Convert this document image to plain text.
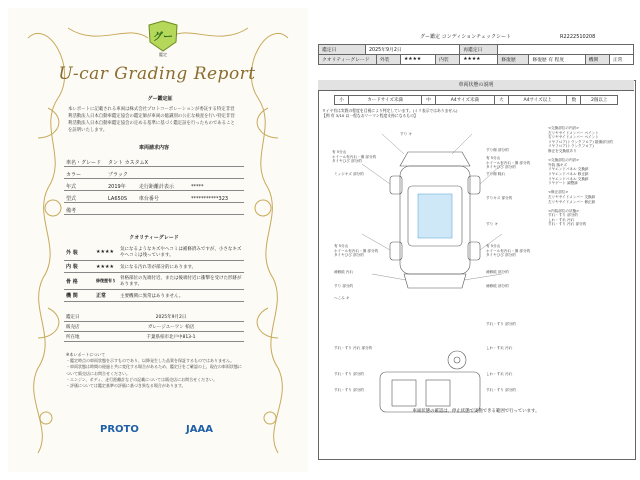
グー
鑑定
U-car Grading Report
グー鑑定証
本レポートに記載される車両は株式会社プロトコーポレーションが委託する特定非営利活動法人日本自動車鑑定協会の鑑定師が車両の総識別の公正な検査を行い特定非営利活動法人日本自動車鑑定協会の定める基準に基づく鑑定証を行ったものであることを証明いたします。
車両請求内容
車名・グレード	タント カスタムX		
カラー	ブラック		
年式	2019年	走行距離計表示	*****
型式	LA650S	車台番号	***********323
備考			
クオリティーグレード
外 装	★★★★	気になるようなキズやヘコミは補修済みですが、小さなキズやヘコミは残っています。
内 装	★★★★	気になる汚れ等が部分的にあります。
骨 格	修復歴有り	骨格部位の先端付近、または後端付近に衝撃を受けた形跡があります。
機 関	正常	主要機関に異常はありません。
鑑定日	2025年9月2日
販売店	ガレージユーワン 柏店
所在地	千葉県柏市北戸中813-1
※本レポートについて
・鑑定時点の車両状態を示すものであり、以降発生した品質を保証するものではありません。
・車両状態は時間の経過と共に変化する場合があるため、鑑定日をご確認の上、現在の車両状態について販売店にお問合せください。
・エンジン、ボディ、走行距離計などの記載については販売店にお問合せください。
・評価については鑑定基準の評価に基づき異なる場合があります。
PROTO	JAAA
R2222510208
グー鑑定 コンディションチェックシート
鑑定日	2025年9月2日				再鑑定日				
クオリティーグレード		外装	★★★★	内装	★★★★	修復歴	修復歴 有 程度	機関	正常
車両状態の説明
小	カードサイズ未満	中	A4サイズ未満	大	A4サイズ以上	数	2個以上
タイヤ有は実際の程度を目視により判定しています。(ミリ表示ではありません)
【例 有 3/10 以一程なおリーマン程度支持になるもの】
すり キ
有 5分山
ホイール有汚れ・傷 部分的
タイヤひび 部分的
ミッジキズ 部分的
すり傷 部分的
有 5分山
ホイール有汚れ・傷 部分的
タイヤひび 部分的
すり傷 軽れ
すりキズ 部分的
すり キ
有 5分山
ホイール有汚れ・傷 部分的
タイヤひび 部分的
有 5分山
ホイール有汚れ・傷 部分的
タイヤひび 部分的
補修痕 汚れ	補修痕 部分的
補修痕 部分的
すり 部分的
へこみ キ
すれ・すり 部分的
すれ・すり 汚れ 部分的	しわ・すれ 汚れ
すれ・すり 部分的	しわ・すれ 汚れ
すれ・すり 部分的	すれ・すり 部分的
<交換部位の内訳>
左リヤサイドメンバー ペイント
右リヤサイドメンバー ペイント
リヤフロア(トランクフロア) 損傷部分的
リヤフロア(トランクフロア)
修正を交換痕あり

<交換部位の内訳>
外装 落キズ
リヤエンドパネル 交換跡
リヤエンドパネル 修正跡
リヤエンドパネル 交換跡
リヤゲート 調整跡

<修正部位>
左リヤサイドメンバー 交換跡
左リヤサイドメンバー 修正跡

<内装部位の状態>
すれ・すり 部分的
しわ・すれ 汚れ
すれ・すり 汚れ 部分的
車両状態の確認は、停止状態で実施できる範囲で行っています。
